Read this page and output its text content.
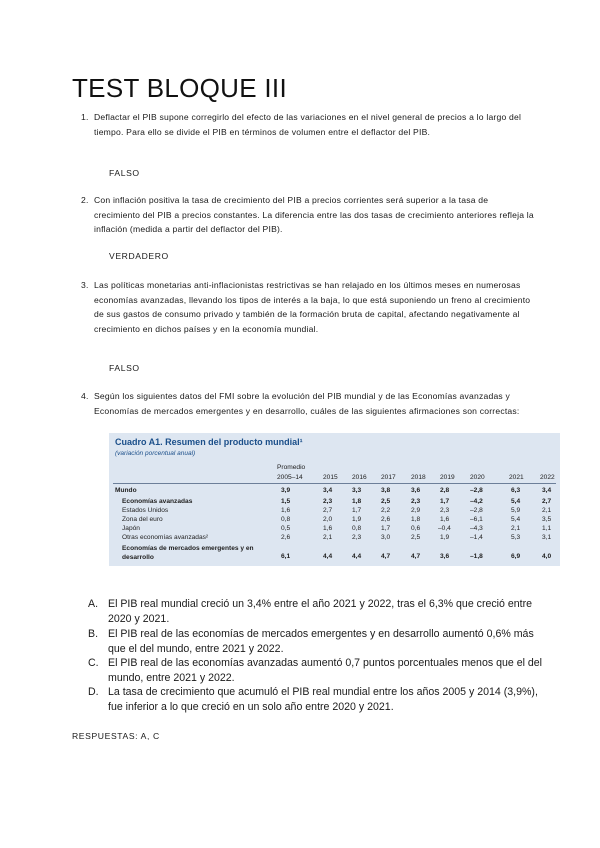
TEST BLOQUE III
1. Deflactar el PIB supone corregirlo del efecto de las variaciones en el nivel general de precios a lo largo del tiempo. Para ello se divide el PIB en términos de volumen entre el deflactor del PIB.

FALSO
2. Con inflación positiva la tasa de crecimiento del PIB a precios corrientes será superior a la tasa de crecimiento del PIB a precios constantes. La diferencia entre las dos tasas de crecimiento anteriores refleja la inflación (medida a partir del deflactor del PIB).

VERDADERO
3. Las políticas monetarias anti-inflacionistas restrictivas se han relajado en los últimos meses en numerosas economías avanzadas, llevando los tipos de interés a la baja, lo que está suponiendo un freno al crecimiento de sus gastos de consumo privado y también de la formación bruta de capital, afectando negativamente al crecimiento en dichos países y en la economía mundial.

FALSO
4. Según los siguientes datos del FMI sobre la evolución del PIB mundial y de las Economías avanzadas y Economías de mercados emergentes y en desarrollo, cuáles de las siguientes afirmaciones son correctas:

Cuadro A1. Resumen del producto mundial¹
(variación porcentual anual)
Promedio
2005–14	2015 2016 2017 2018 2019 2020	2021 2022
Mundo	3,9	3,4	3,3	3,8	3,6	2,8	–2,8	6,3	3,4
Economías avanzadas	1,5	2,3	1,8	2,5	2,3	1,7	–4,2	5,4	2,7
Estados Unidos	1,6	2,7	1,7	2,2	2,9	2,3	–2,8	5,9	2,1
Zona del euro	0,8	2,0	1,9	2,6	1,8	1,6	–6,1	5,4	3,5
Japón	0,5	1,6	0,8	1,7	0,6	–0,4	–4,3	2,1	1,1
Otras economías avanzadas²	2,6	2,1	2,3	3,0	2,5	1,9	–1,4	5,3	3,1
Economías de mercados emergentes y en desarrollo	6,1	4,4	4,4	4,7	4,7	3,6	–1,8	6,9	4,0
A. El PIB real mundial creció un 3,4% entre el año 2021 y 2022, tras el 6,3% que creció entre 2020 y 2021.

B. El PIB real de las economías de mercados emergentes y en desarrollo aumentó 0,6% más que el del mundo, entre 2021 y 2022.

C. El PIB real de las economías avanzadas aumentó 0,7 puntos porcentuales menos que el del mundo, entre 2021 y 2022.

D. La tasa de crecimiento que acumuló el PIB real mundial entre los años 2005 y 2014 (3,9%), fue inferior a lo que creció en un solo año entre 2020 y 2021.

RESPUESTAS: A, C
